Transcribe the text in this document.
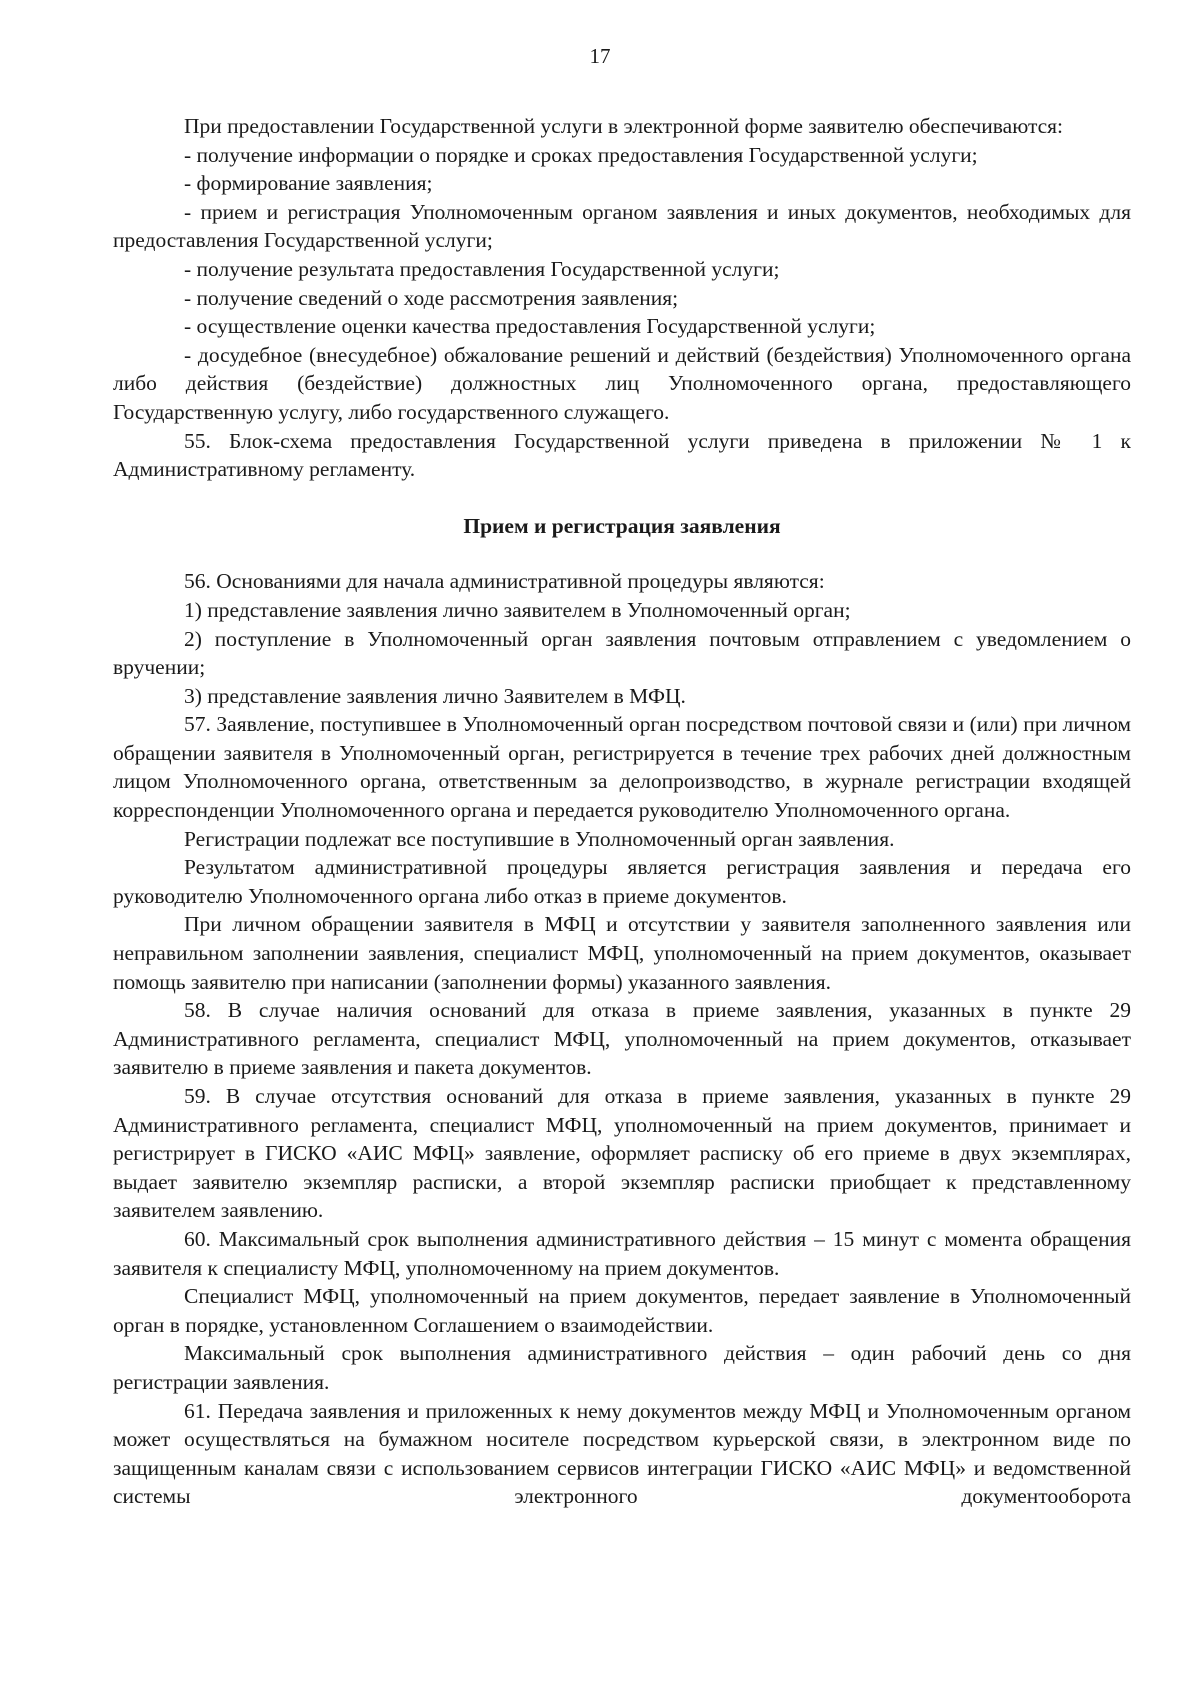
17

При предоставлении Государственной услуги в электронной форме заявителю обеспечиваются:

- получение информации о порядке и сроках предоставления Государственной услуги;

- формирование заявления;

- прием и регистрация Уполномоченным органом заявления и иных документов, необходимых для предоставления Государственной услуги;

- получение результата предоставления Государственной услуги;

- получение сведений о ходе рассмотрения заявления;

- осуществление оценки качества предоставления Государственной услуги;

- досудебное (внесудебное) обжалование решений и действий (бездействия) Уполномоченного органа либо действия (бездействие) должностных лиц Уполномоченного органа, предоставляющего Государственную услугу, либо государственного служащего.

55. Блок-схема предоставления Государственной услуги приведена в приложении № 1 к Административному регламенту.

Прием и регистрация заявления

56. Основаниями для начала административной процедуры являются:

1) представление заявления лично заявителем в Уполномоченный орган;

2) поступление в Уполномоченный орган заявления почтовым отправлением с уведомлением о вручении;

3) представление заявления лично Заявителем в МФЦ.

57. Заявление, поступившее в Уполномоченный орган посредством почтовой связи и (или) при личном обращении заявителя в Уполномоченный орган, регистрируется в течение трех рабочих дней должностным лицом Уполномоченного органа, ответственным за делопроизводство, в журнале регистрации входящей корреспонденции Уполномоченного органа и передается руководителю Уполномоченного органа.

Регистрации подлежат все поступившие в Уполномоченный орган заявления.

Результатом административной процедуры является регистрация заявления и передача его руководителю Уполномоченного органа либо отказ в приеме документов.

При личном обращении заявителя в МФЦ и отсутствии у заявителя заполненного заявления или неправильном заполнении заявления, специалист МФЦ, уполномоченный на прием документов, оказывает помощь заявителю при написании (заполнении формы) указанного заявления.

58. В случае наличия оснований для отказа в приеме заявления, указанных в пункте 29 Административного регламента, специалист МФЦ, уполномоченный на прием документов, отказывает заявителю в приеме заявления и пакета документов.

59. В случае отсутствия оснований для отказа в приеме заявления, указанных в пункте 29 Административного регламента, специалист МФЦ, уполномоченный на прием документов, принимает и регистрирует в ГИСКО «АИС МФЦ» заявление, оформляет расписку об его приеме в двух экземплярах, выдает заявителю экземпляр расписки, а второй экземпляр расписки приобщает к представленному заявителем заявлению.

60. Максимальный срок выполнения административного действия – 15 минут с момента обращения заявителя к специалисту МФЦ, уполномоченному на прием документов.

Специалист МФЦ, уполномоченный на прием документов, передает заявление в Уполномоченный орган в порядке, установленном Соглашением о взаимодействии.

Максимальный срок выполнения административного действия – один рабочий день со дня регистрации заявления.

61. Передача заявления и приложенных к нему документов между МФЦ и Уполномоченным органом может осуществляться на бумажном носителе посредством курьерской связи, в электронном виде по защищенным каналам связи с использованием сервисов интеграции ГИСКО «АИС МФЦ» и ведомственной системы электронного документооборота
